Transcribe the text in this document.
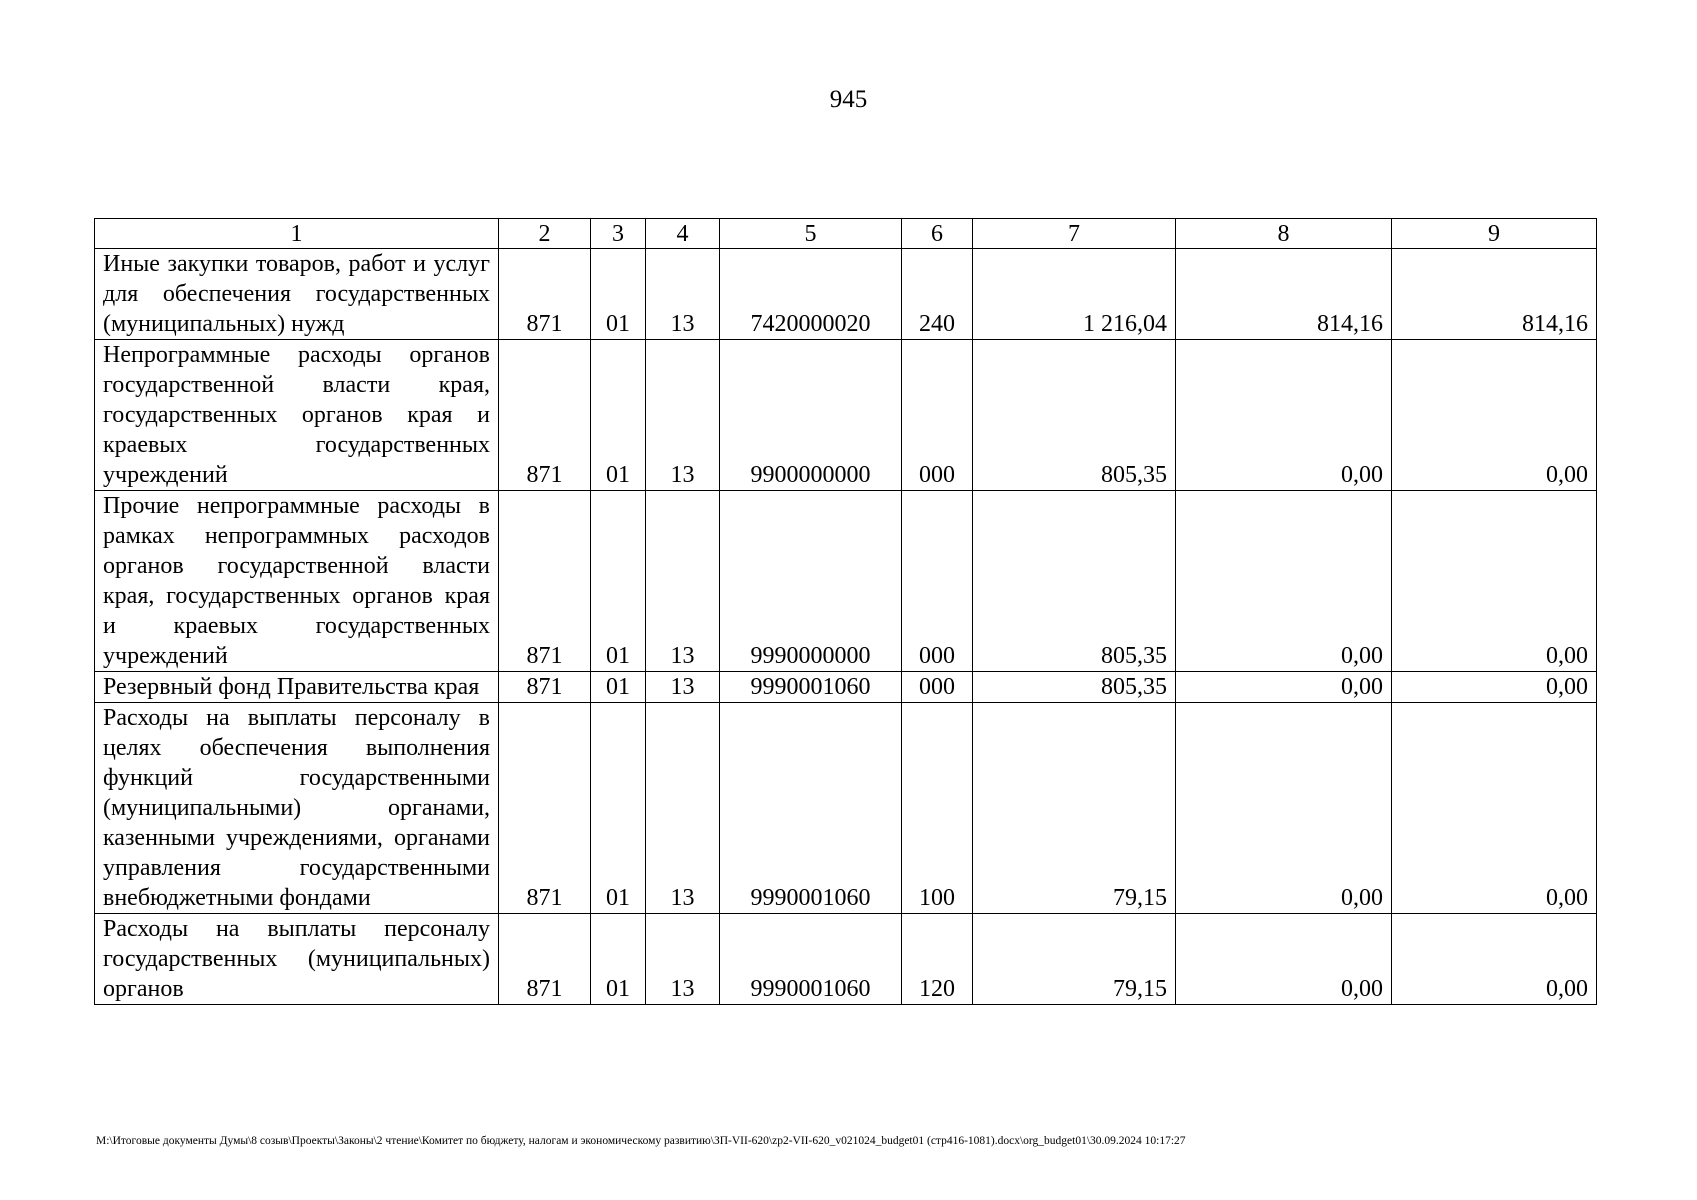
945
1	2	3	4	5	6	7	8	9
Иные закупки товаров, работ и услуг для обеспечения государственных (муниципальных) нужд	871	01	13	7420000020	240	1 216,04	814,16	814,16
Непрограммные расходы органов государственной власти края, государственных органов края и краевых государственных учреждений	871	01	13	9900000000	000	805,35	0,00	0,00
Прочие непрограммные расходы в рамках непрограммных расходов органов государственной власти края, государственных органов края и краевых государственных учреждений	871	01	13	9990000000	000	805,35	0,00	0,00
Резервный фонд Правительства края	871	01	13	9990001060	000	805,35	0,00	0,00
Расходы на выплаты персоналу в целях обеспечения выполнения функций государственными (муниципальными) органами, казенными учреждениями, органами управления государственными внебюджетными фондами	871	01	13	9990001060	100	79,15	0,00	0,00
Расходы на выплаты персоналу государственных (муниципальных) органов	871	01	13	9990001060	120	79,15	0,00	0,00
M:\Итоговые документы Думы\8 созыв\Проекты\Законы\2 чтение\Комитет по бюджету, налогам и экономическому развитию\ЗП-VII-620\zp2-VII-620_v021024_budget01 (стр416-1081).docx\org_budget01\30.09.2024 10:17:27
